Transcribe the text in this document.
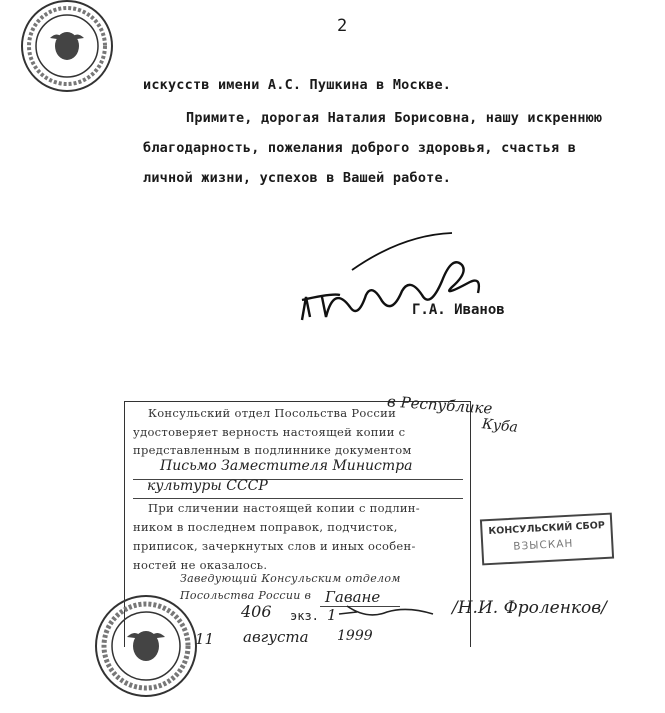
2
искусств имени А.С. Пушкина в Москве.
Примите, дорогая Наталия Борисовна, нашу искреннюю
благодарность, пожелания доброго здоровья, счастья в
личной жизни, успехов в Вашей работе.
Г.А. Иванов
Консульский отдел Посольства России
в Республике
удостоверяет верность настоящей копии с	Куба
представленным в подлиннике документом
Письмо Заместителя Министра
культуры СССР
При сличении настоящей копии с подлин-
ником в последнем поправок, подчисток,
приписок, зачеркнутых слов и иных особен-
ностей не оказалось.
Заведующий Консульским отделом
Посольства России в Гаване
406 экз. 1
11 августа 1999
/Н.И. Фроленков/
КОНСУЛЬСКИЙ СБОР
ВЗЫСКАН
